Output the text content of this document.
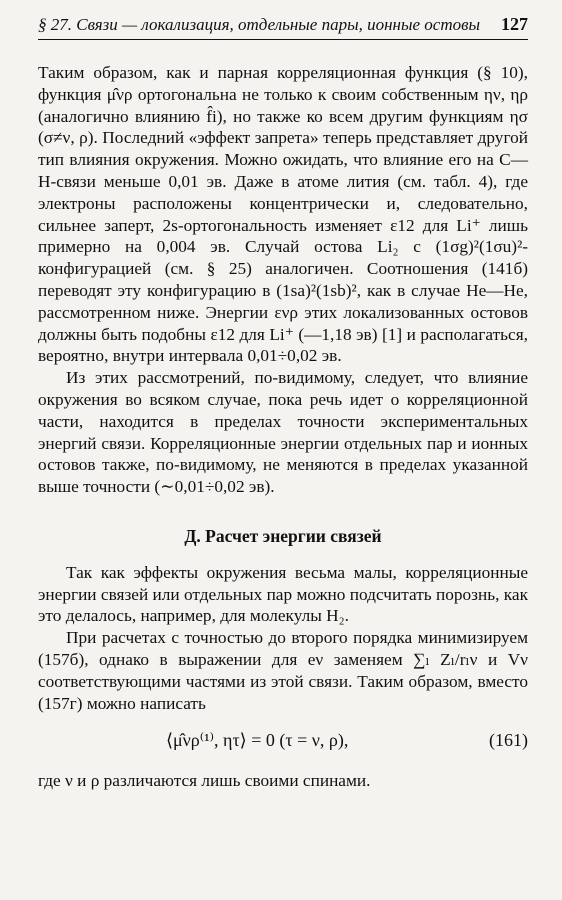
§ 27. Связи — локализация, отдельные пары, ионные остовы 127

Таким образом, как и парная корреляционная функция (§ 10), функция μ̂νρ ортогональна не только к своим собственным ην, ηρ (аналогично влиянию f̂i), но также ко всем другим функциям ησ (σ≠ν, ρ). Последний «эффект запрета» теперь представляет другой тип влияния окружения. Можно ожидать, что влияние его на С—Н-связи меньше 0,01 эв. Даже в атоме лития (см. табл. 4), где электроны расположены концентрически и, следовательно, сильнее заперт, 2s-ортогональность изменяет ε12 для Li⁺ лишь примерно на 0,004 эв. Случай остова Li₂ с (1σg)²(1σu)²-конфигурацией (см. § 25) аналогичен. Соотношения (141б) переводят эту конфигурацию в (1sa)²(1sb)², как в случае Не—Не, рассмотренном ниже. Энергии ενρ этих локализованных остовов должны быть подобны ε12 для Li⁺ (—1,18 эв) [1] и располагаться, вероятно, внутри интервала 0,01÷0,02 эв.

Из этих рассмотрений, по-видимому, следует, что влияние окружения во всяком случае, пока речь идет о корреляционной части, находится в пределах точности экспериментальных энергий связи. Корреляционные энергии отдельных пар и ионных остовов также, по-видимому, не меняются в пределах указанной выше точности (∼0,01÷0,02 эв).

Д. Расчет энергии связей

Так как эффекты окружения весьма малы, корреляционные энергии связей или отдельных пар можно подсчитать порознь, как это делалось, например, для молекулы H₂.

При расчетах с точностью до второго порядка минимизируем (157б), однако в выражении для eν заменяем ∑ₗ Zₗ/rₗν и Vν соответствующими частями из этой связи. Таким образом, вместо (157г) можно написать

⟨μ̂νρ⁽¹⁾, ητ⟩ = 0 (τ = ν, ρ),	(161)

где ν и ρ различаются лишь своими спинами.
